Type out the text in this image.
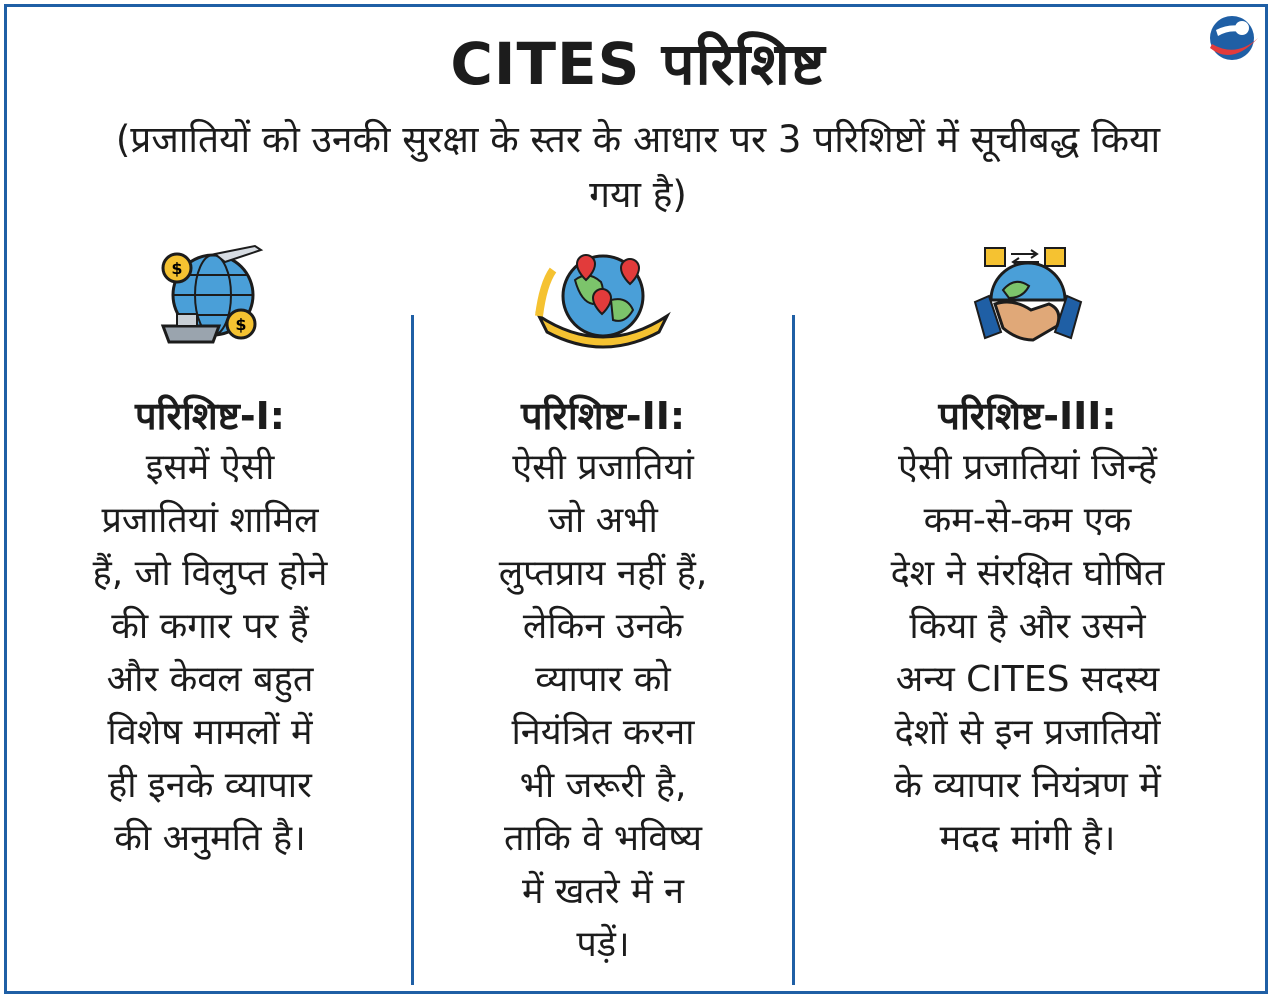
CITES परिशिष्ट
(प्रजातियों को उनकी सुरक्षा के स्तर के आधार पर 3 परिशिष्टों में सूचीबद्ध किया गया है)
$
$
परिशिष्ट-I:
इसमें ऐसी
प्रजातियां शामिल
हैं, जो विलुप्त होने
की कगार पर हैं
और केवल बहुत
विशेष मामलों में
ही इनके व्यापार
की अनुमति है।
परिशिष्ट-II:
ऐसी प्रजातियां
जो अभी
लुप्तप्राय नहीं हैं,
लेकिन उनके
व्यापार को
नियंत्रित करना
भी जरूरी है,
ताकि वे भविष्य
में खतरे में न
पड़ें।
परिशिष्ट-III:
ऐसी प्रजातियां जिन्हें
कम-से-कम एक
देश ने संरक्षित घोषित
किया है और उसने
अन्य CITES सदस्य
देशों से इन प्रजातियों
के व्यापार नियंत्रण में
मदद मांगी है।
